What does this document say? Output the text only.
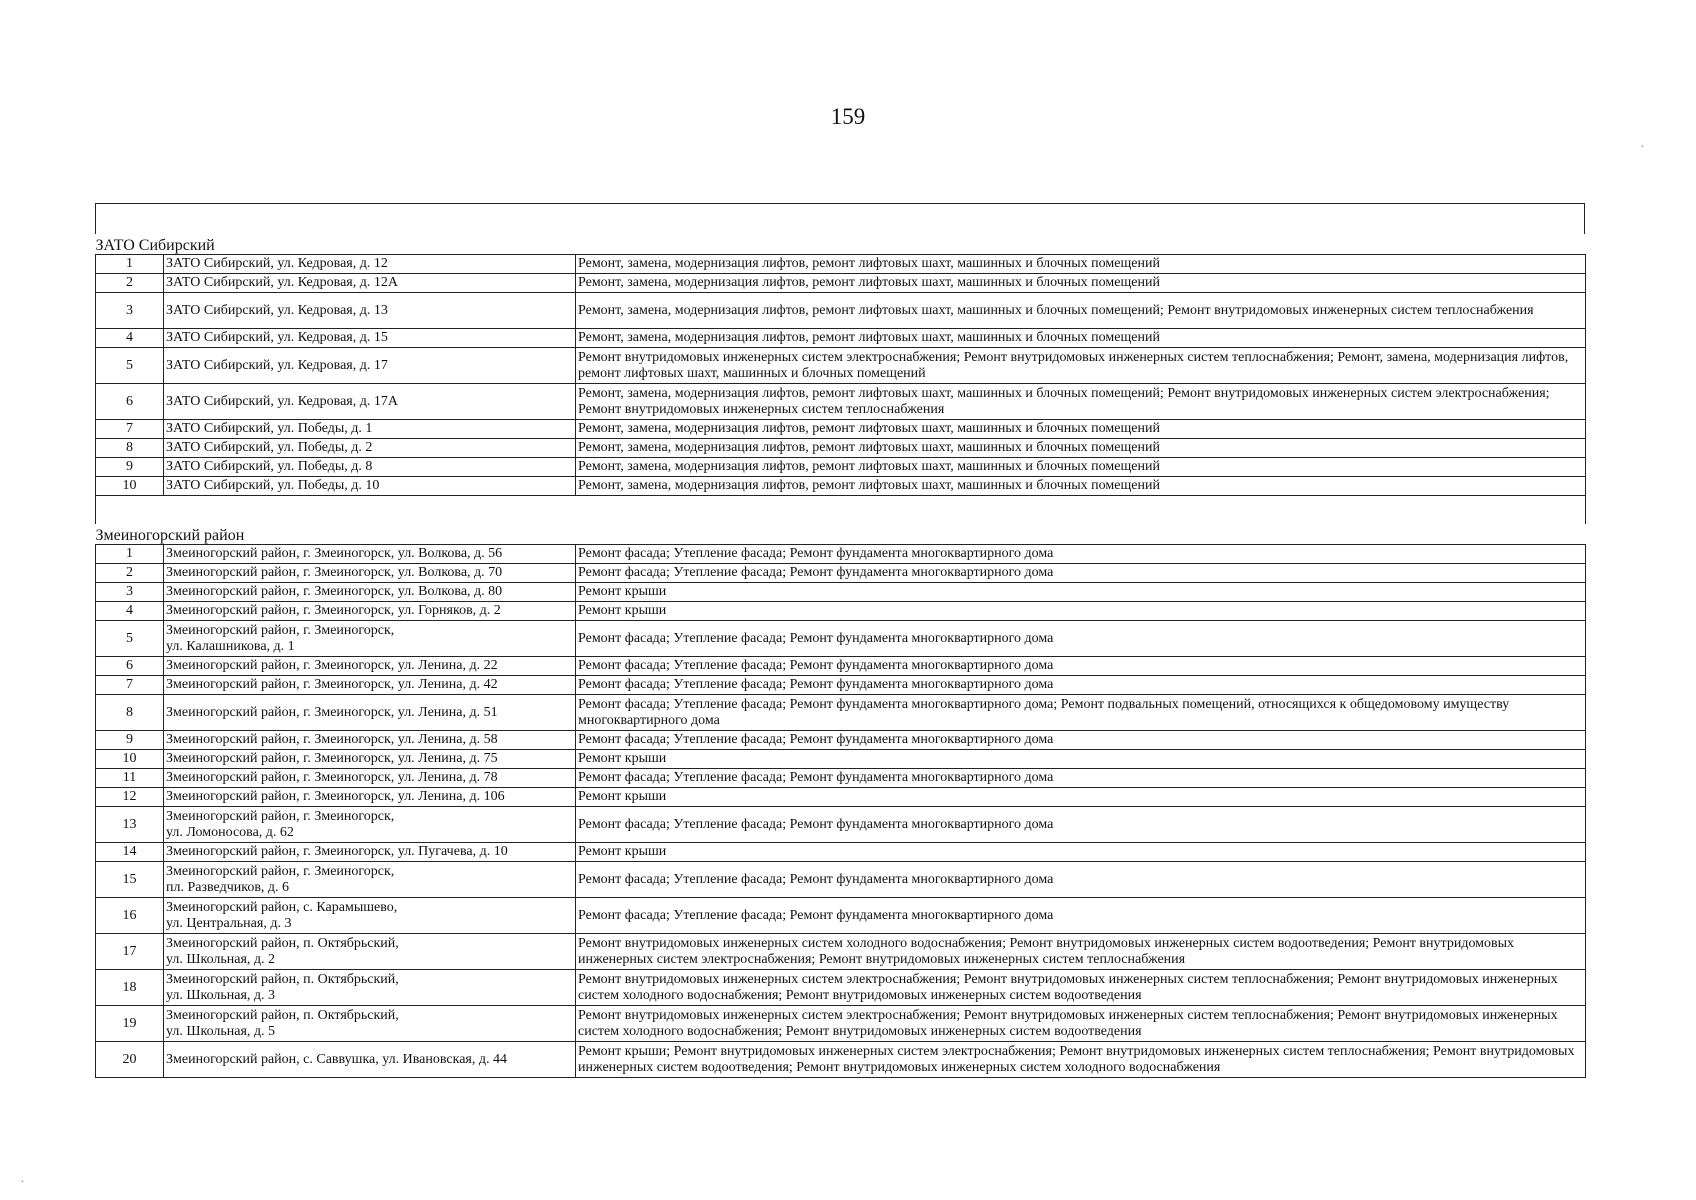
159
ЗАТО Сибирский		
1	ЗАТО Сибирский, ул. Кедровая, д. 12	Ремонт, замена, модернизация лифтов, ремонт лифтовых шахт, машинных и блочных помещений
2	ЗАТО Сибирский, ул. Кедровая, д. 12А	Ремонт, замена, модернизация лифтов, ремонт лифтовых шахт, машинных и блочных помещений
3	ЗАТО Сибирский, ул. Кедровая, д. 13	Ремонт, замена, модернизация лифтов, ремонт лифтовых шахт, машинных и блочных помещений; Ремонт внутридомовых инженерных систем теплоснабжения
4	ЗАТО Сибирский, ул. Кедровая, д. 15	Ремонт, замена, модернизация лифтов, ремонт лифтовых шахт, машинных и блочных помещений
5	ЗАТО Сибирский, ул. Кедровая, д. 17	Ремонт внутридомовых инженерных систем электроснабжения; Ремонт внутридомовых инженерных систем теплоснабжения; Ремонт, замена, модернизация лифтов, ремонт лифтовых шахт, машинных и блочных помещений
6	ЗАТО Сибирский, ул. Кедровая, д. 17А	Ремонт, замена, модернизация лифтов, ремонт лифтовых шахт, машинных и блочных помещений; Ремонт внутридомовых инженерных систем электроснабжения; Ремонт внутридомовых инженерных систем теплоснабжения
7	ЗАТО Сибирский, ул. Победы, д. 1	Ремонт, замена, модернизация лифтов, ремонт лифтовых шахт, машинных и блочных помещений
8	ЗАТО Сибирский, ул. Победы, д. 2	Ремонт, замена, модернизация лифтов, ремонт лифтовых шахт, машинных и блочных помещений
9	ЗАТО Сибирский, ул. Победы, д. 8	Ремонт, замена, модернизация лифтов, ремонт лифтовых шахт, машинных и блочных помещений
10	ЗАТО Сибирский, ул. Победы, д. 10	Ремонт, замена, модернизация лифтов, ремонт лифтовых шахт, машинных и блочных помещений

Змеиногорский район		
1	Змеиногорский район, г. Змеиногорск, ул. Волкова, д. 56	Ремонт фасада; Утепление фасада; Ремонт фундамента многоквартирного дома
2	Змеиногорский район, г. Змеиногорск, ул. Волкова, д. 70	Ремонт фасада; Утепление фасада; Ремонт фундамента многоквартирного дома
3	Змеиногорский район, г. Змеиногорск, ул. Волкова, д. 80	Ремонт крыши
4	Змеиногорский район, г. Змеиногорск, ул. Горняков, д. 2	Ремонт крыши
5	Змеиногорский район, г. Змеиногорск,
ул. Калашникова, д. 1	Ремонт фасада; Утепление фасада; Ремонт фундамента многоквартирного дома
6	Змеиногорский район, г. Змеиногорск, ул. Ленина, д. 22	Ремонт фасада; Утепление фасада; Ремонт фундамента многоквартирного дома
7	Змеиногорский район, г. Змеиногорск, ул. Ленина, д. 42	Ремонт фасада; Утепление фасада; Ремонт фундамента многоквартирного дома
8	Змеиногорский район, г. Змеиногорск, ул. Ленина, д. 51	Ремонт фасада; Утепление фасада; Ремонт фундамента многоквартирного дома; Ремонт подвальных помещений, относящихся к общедомовому имуществу многоквартирного дома
9	Змеиногорский район, г. Змеиногорск, ул. Ленина, д. 58	Ремонт фасада; Утепление фасада; Ремонт фундамента многоквартирного дома
10	Змеиногорский район, г. Змеиногорск, ул. Ленина, д. 75	Ремонт крыши
11	Змеиногорский район, г. Змеиногорск, ул. Ленина, д. 78	Ремонт фасада; Утепление фасада; Ремонт фундамента многоквартирного дома
12	Змеиногорский район, г. Змеиногорск, ул. Ленина, д. 106	Ремонт крыши
13	Змеиногорский район, г. Змеиногорск,
ул. Ломоносова, д. 62	Ремонт фасада; Утепление фасада; Ремонт фундамента многоквартирного дома
14	Змеиногорский район, г. Змеиногорск, ул. Пугачева, д. 10	Ремонт крыши
15	Змеиногорский район, г. Змеиногорск,
пл. Разведчиков, д. 6	Ремонт фасада; Утепление фасада; Ремонт фундамента многоквартирного дома
16	Змеиногорский район, с. Карамышево,
ул. Центральная, д. 3	Ремонт фасада; Утепление фасада; Ремонт фундамента многоквартирного дома
17	Змеиногорский район, п. Октябрьский,
ул. Школьная, д. 2	Ремонт внутридомовых инженерных систем холодного водоснабжения; Ремонт внутридомовых инженерных систем водоотведения; Ремонт внутридомовых инженерных систем электроснабжения; Ремонт внутридомовых инженерных систем теплоснабжения
18	Змеиногорский район, п. Октябрьский,
ул. Школьная, д. 3	Ремонт внутридомовых инженерных систем электроснабжения; Ремонт внутридомовых инженерных систем теплоснабжения; Ремонт внутридомовых инженерных систем холодного водоснабжения; Ремонт внутридомовых инженерных систем водоотведения
19	Змеиногорский район, п. Октябрьский,
ул. Школьная, д. 5	Ремонт внутридомовых инженерных систем электроснабжения; Ремонт внутридомовых инженерных систем теплоснабжения; Ремонт внутридомовых инженерных систем холодного водоснабжения; Ремонт внутридомовых инженерных систем водоотведения
20	Змеиногорский район, с. Саввушка, ул. Ивановская, д. 44	Ремонт крыши; Ремонт внутридомовых инженерных систем электроснабжения; Ремонт внутридомовых инженерных систем теплоснабжения; Ремонт внутридомовых инженерных систем водоотведения; Ремонт внутридомовых инженерных систем холодного водоснабжения
·
·
